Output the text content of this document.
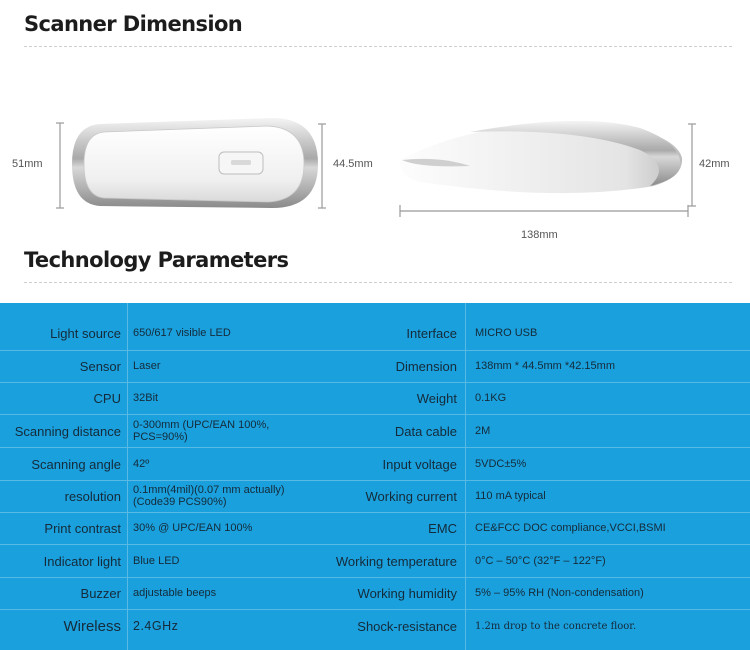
Scanner Dimension
51mm	44.5mm	42mm
138mm
Technology Parameters
Light source	650/617 visible LED	Interface	MICRO USB
Sensor	Laser	Dimension	138mm * 44.5mm *42.15mm
CPU	32Bit	Weight	0.1KG
Scanning distance	0-300mm (UPC/EAN 100%, PCS=90%)	Data cable	2M
Scanning angle	42º	Input voltage	5VDC±5%
resolution	0.1mm(4mil)(0.07 mm actually) (Code39 PCS90%)	Working current	110 mA typical
Print contrast	30% @ UPC/EAN 100%	EMC	CE&FCC DOC compliance,VCCI,BSMI
Indicator light	Blue LED	Working temperature	0°C – 50°C (32°F – 122°F)
Buzzer	adjustable beeps	Working humidity	5% – 95% RH (Non-condensation)
Wireless 2.4GHz	Shock-resistance	1.2m drop to the concrete floor.
